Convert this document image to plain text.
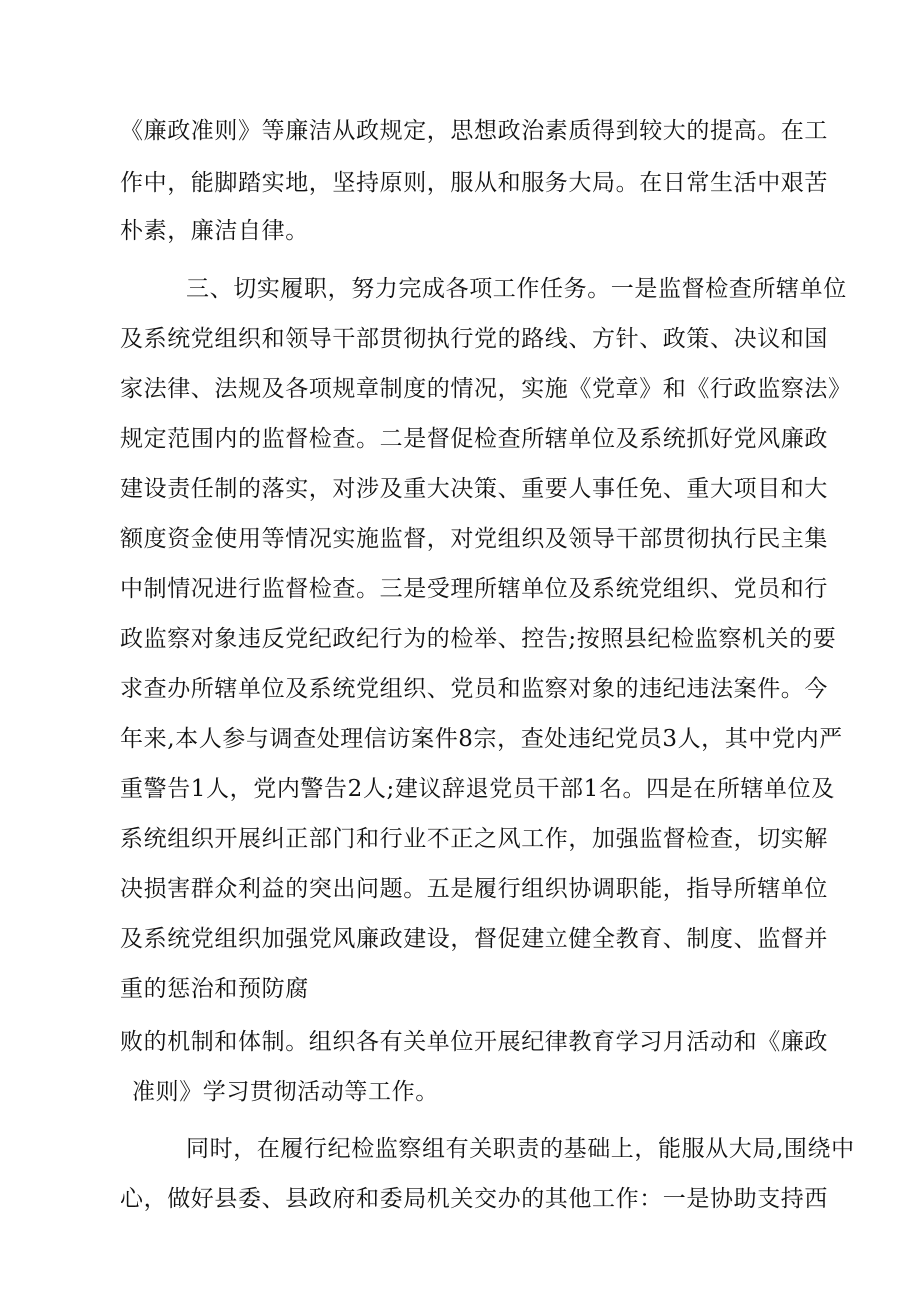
《廉政准则》等廉洁从政规定，思想政治素质得到较大的提高。在工
作中，能脚踏实地，坚持原则，服从和服务大局。在日常生活中艰苦
朴素，廉洁自律。
三、切实履职，努力完成各项工作任务。一是监督检查所辖单位
及系统党组织和领导干部贯彻执行党的路线、方针、政策、决议和国
家法律、法规及各项规章制度的情况，实施《党章》和《行政监察法》
规定范围内的监督检查。二是督促检查所辖单位及系统抓好党风廉政
建设责任制的落实，对涉及重大决策、重要人事任免、重大项目和大
额度资金使用等情况实施监督，对党组织及领导干部贯彻执行民主集
中制情况进行监督检查。三是受理所辖单位及系统党组织、党员和行
政监察对象违反党纪政纪行为的检举、控告;按照县纪检监察机关的要
求查办所辖单位及系统党组织、党员和监察对象的违纪违法案件。今
年来,本人参与调查处理信访案件8宗，查处违纪党员3人，其中党内严
重警告1人，党内警告2人;建议辞退党员干部1名。四是在所辖单位及
系统组织开展纠正部门和行业不正之风工作，加强监督检查，切实解
决损害群众利益的突出问题。五是履行组织协调职能，指导所辖单位
及系统党组织加强党风廉政建设，督促建立健全教育、制度、监督并
重的惩治和预防腐
败的机制和体制。组织各有关单位开展纪律教育学习月活动和《廉政
准则》学习贯彻活动等工作。
同时，在履行纪检监察组有关职责的基础上，能服从大局,围绕中
心，做好县委、县政府和委局机关交办的其他工作：一是协助支持西
